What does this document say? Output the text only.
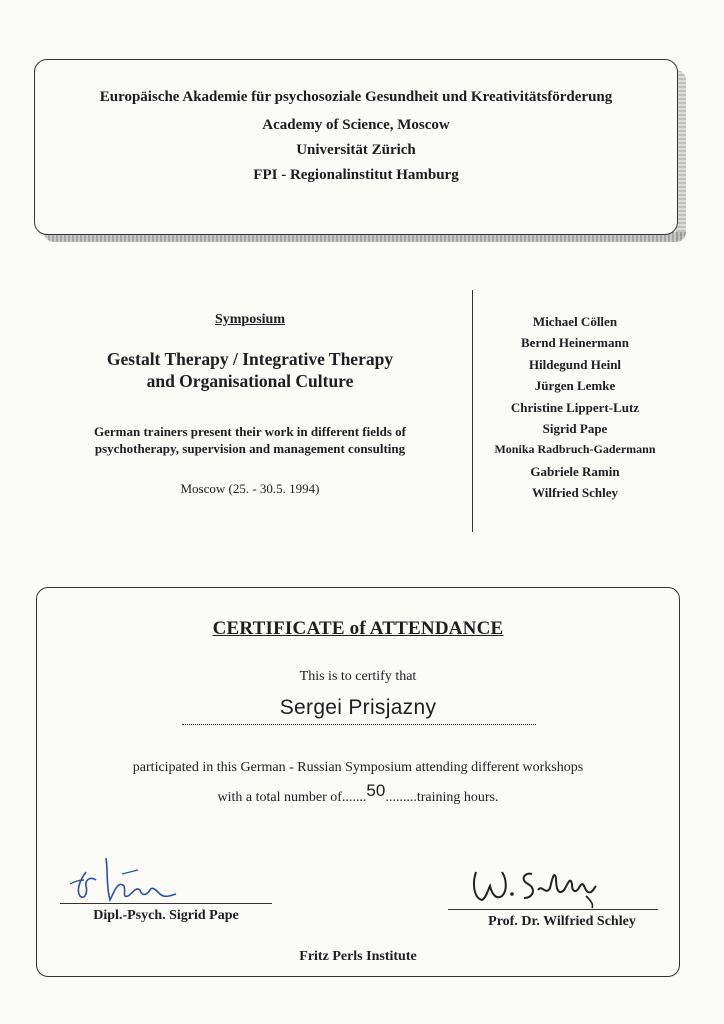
Europäische Akademie für psychosoziale Gesundheit und Kreativitätsförderung
Academy of Science, Moscow
Universität Zürich
FPI - Regionalinstitut Hamburg
Symposium
Gestalt Therapy / Integrative Therapy
and Organisational Culture
German trainers present their work in different fields of
psychotherapy, supervision and management consulting
Moscow (25. - 30.5. 1994)
Michael Cöllen
Bernd Heinermann
Hildegund Heinl
Jürgen Lemke
Christine Lippert-Lutz
Sigrid Pape
Monika Radbruch-Gadermann
Gabriele Ramin
Wilfried Schley
CERTIFICATE of ATTENDANCE
This is to certify that
Sergei Prisjazny
participated in this German - Russian Symposium attending different workshops
with a total number of.......50.........training hours.
Dipl.-Psych. Sigrid Pape	Prof. Dr. Wilfried Schley
Fritz Perls Institute
